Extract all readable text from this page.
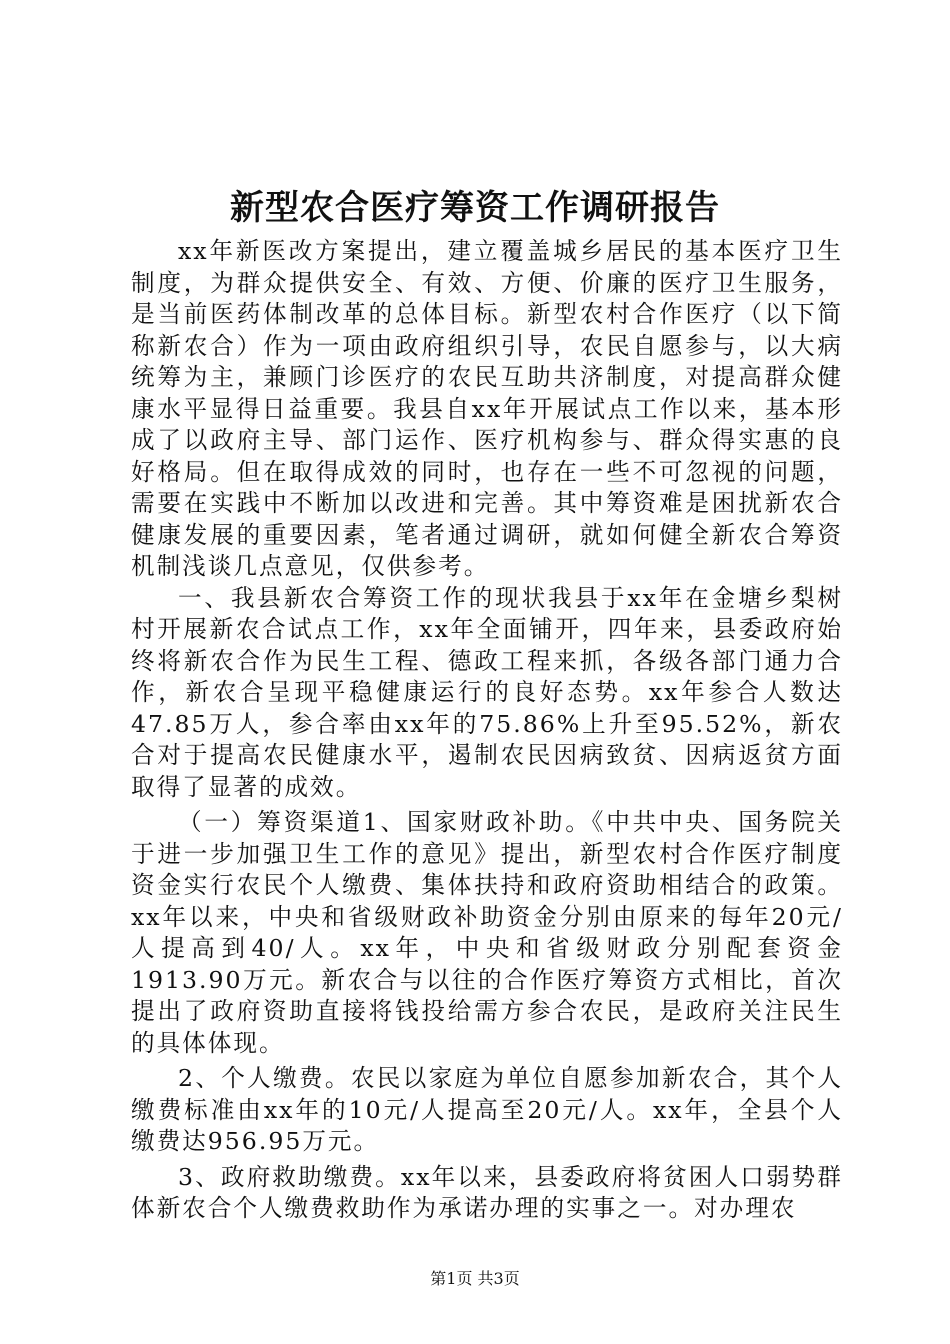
新型农合医疗筹资工作调研报告

xx年新医改方案提出，建立覆盖城乡居民的基本医疗卫生制度，为群众提供安全、有效、方便、价廉的医疗卫生服务，是当前医药体制改革的总体目标。新型农村合作医疗（以下简称新农合）作为一项由政府组织引导，农民自愿参与，以大病统筹为主，兼顾门诊医疗的农民互助共济制度，对提高群众健康水平显得日益重要。我县自xx年开展试点工作以来，基本形成了以政府主导、部门运作、医疗机构参与、群众得实惠的良好格局。但在取得成效的同时，也存在一些不可忽视的问题，需要在实践中不断加以改进和完善。其中筹资难是困扰新农合健康发展的重要因素，笔者通过调研，就如何健全新农合筹资机制浅谈几点意见，仅供参考。

一、我县新农合筹资工作的现状我县于xx年在金塘乡梨树村开展新农合试点工作，xx年全面铺开，四年来，县委政府始终将新农合作为民生工程、德政工程来抓，各级各部门通力合作，新农合呈现平稳健康运行的良好态势。xx年参合人数达47.85万人，参合率由xx年的75.86%上升至95.52%，新农合对于提高农民健康水平，遏制农民因病致贫、因病返贫方面取得了显著的成效。

（一）筹资渠道1、国家财政补助。《中共中央、国务院关于进一步加强卫生工作的意见》提出，新型农村合作医疗制度资金实行农民个人缴费、集体扶持和政府资助相结合的政策。xx年以来，中央和省级财政补助资金分别由原来的每年20元/人提高到40/人。xx年，中央和省级财政分别配套资金1913.90万元。新农合与以往的合作医疗筹资方式相比，首次提出了政府资助直接将钱投给需方参合农民，是政府关注民生的具体体现。

2、个人缴费。农民以家庭为单位自愿参加新农合，其个人缴费标准由xx年的10元/人提高至20元/人。xx年，全县个人缴费达956.95万元。

3、政府救助缴费。xx年以来，县委政府将贫困人口弱势群体新农合个人缴费救助作为承诺办理的实事之一。对办理农

第1页 共3页
